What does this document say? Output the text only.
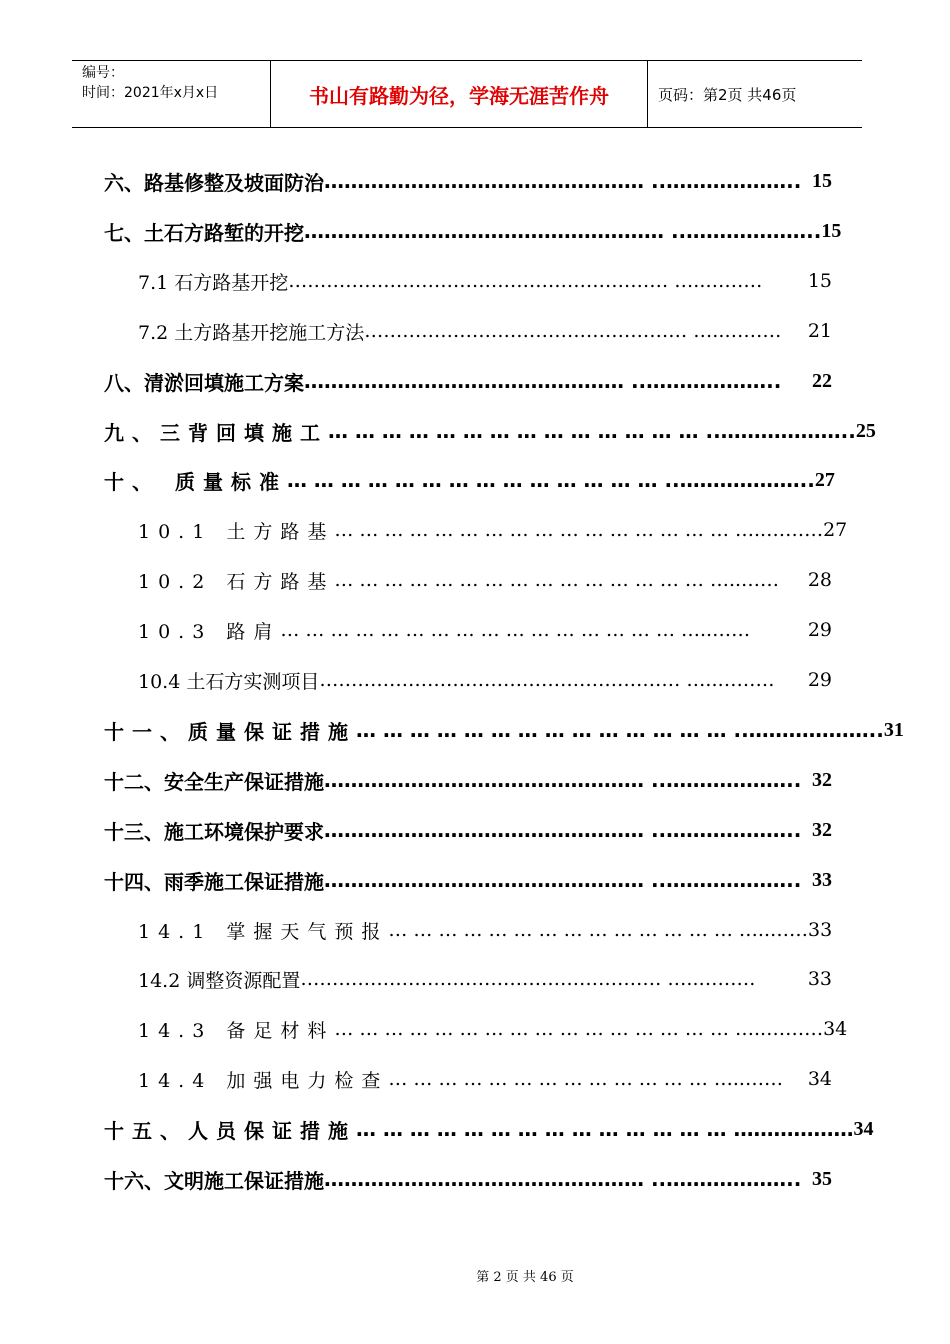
编号：
时间：2021年x月x日	书山有路勤为径，学海无涯苦作舟	页码：第2页 共46页
六、路基修整及坡面防治 ………………………………………… ..……………….. 15
七、土石方路堑的开挖 ……………………………………………… ..……………….. 15
7.1 石方路基开挖 …………………………………………………… …..………	15
7.2 土方路基开挖施工方法 …………………………………………… …..………	21
八、清淤回填施工方案 ………………………………………… ..………………..	22
九、三背回填施工 … … … … … … … … … … … … … … ..……………….. 25
十、 质量标准 … … … … … … … … … … … … … … ..……………….. 27
10.1 土方路基 … … … … … … … … … … … … … … … … …..……… 27
10.2 石方路基 … … … … … … … … … … … … … … … …..……	28
10.3 路肩 … … … … … … … … … … … … … … … … …..……	29
10.4 土石方实测项目 ………………………………………………… …..………	29
十一、质量保证措施 … … … … … … … … … … … … … … ..……………….. 31
十二、安全生产保证措施 ………………………………………… ..……………….. 32
十三、施工环境保护要求 ………………………………………… ..……………….. 32
十四、雨季施工保证措施 ………………………………………… ..……………….. 33
14.1 掌握天气预报 … … … … … … … … … … … … … … …..…… 33
14.2 调整资源配置 ………………………………………………… …..………	33
14.3 备足材料 … … … … … … … … … … … … … … … … …..……… 34
14.4 加强电力检查 … … … … … … … … … … … … … …..……	34
十五、人员保证措施 … … … … … … … … … … … … … … ……………… 34
十六、文明施工保证措施 ………………………………………… ..……………….. 35
第 2 页 共 46 页
